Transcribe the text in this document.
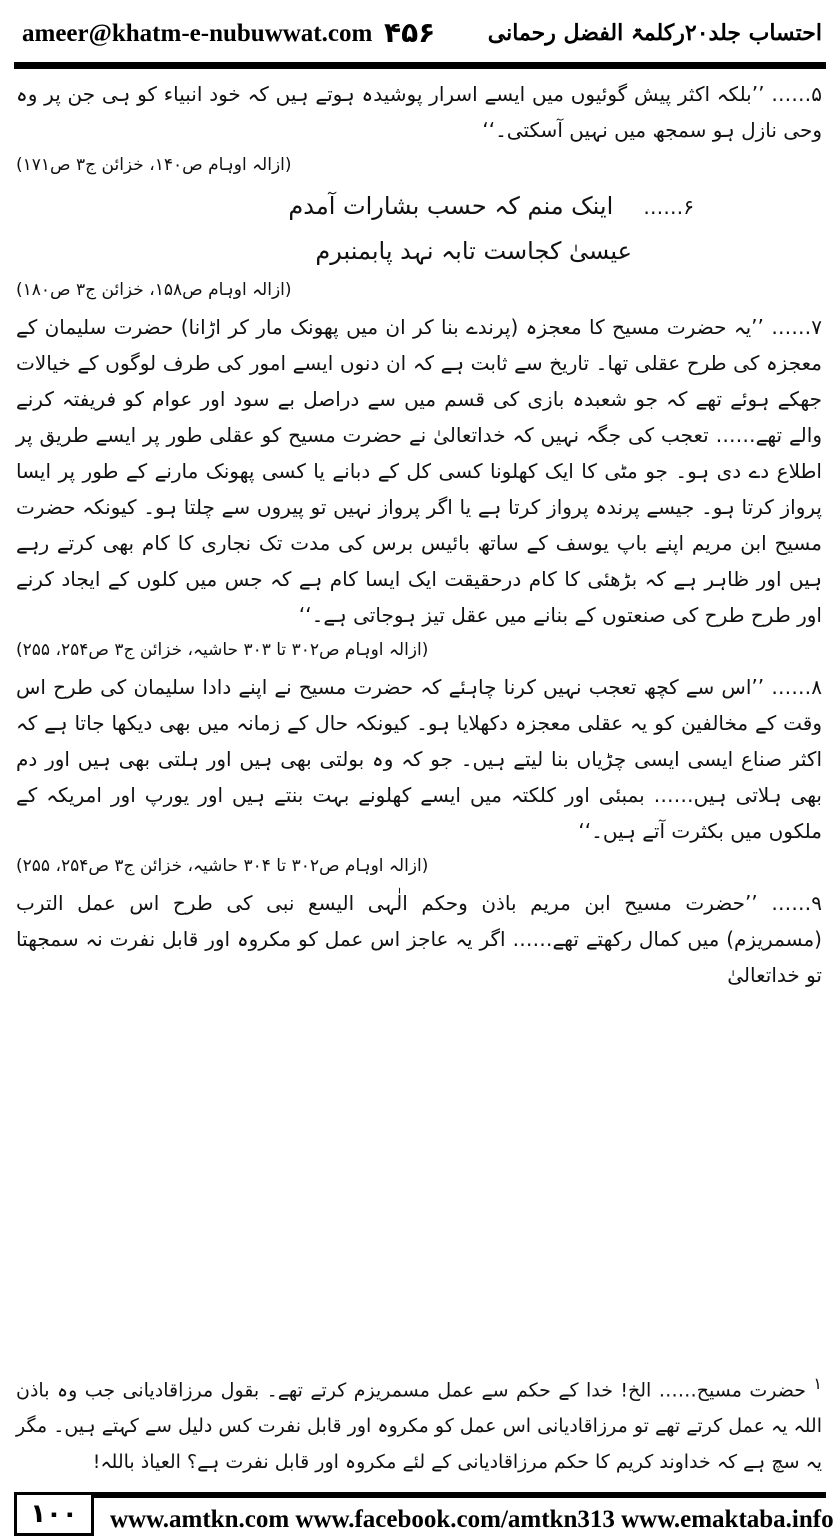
ameer@khatm-e-nubuwwat.com ۴۵۶ احتساب جلد۲۰رکلمۃ الفضل رحمانی

۵…… ’’بلکہ اکثر پیش گوئیوں میں ایسے اسرار پوشیدہ ہوتے ہیں کہ خود انبیاء کو ہی جن پر وہ وحی نازل ہو سمجھ میں نہیں آسکتی۔‘‘

(ازالہ اوہام ص۱۴۰، خزائن ج۳ ص۱۷۱)
۶……اینک منم کہ حسب بشارات آمدم
عیسیٰ کجاست تابہ نہد پابمنبرم
(ازالہ اوہام ص۱۵۸، خزائن ج۳ ص۱۸۰)

۷…… ’’یہ حضرت مسیح کا معجزہ (پرندے بنا کر ان میں پھونک مار کر اڑانا) حضرت سلیمان کے معجزہ کی طرح عقلی تھا۔ تاریخ سے ثابت ہے کہ ان دنوں ایسے امور کی طرف لوگوں کے خیالات جھکے ہوئے تھے کہ جو شعبدہ بازی کی قسم میں سے دراصل بے سود اور عوام کو فریفتہ کرنے والے تھے…… تعجب کی جگہ نہیں کہ خداتعالیٰ نے حضرت مسیح کو عقلی طور پر ایسے طریق پر اطلاع دے دی ہو۔ جو مٹی کا ایک کھلونا کسی کل کے دبانے یا کسی پھونک مارنے کے طور پر ایسا پرواز کرتا ہو۔ جیسے پرندہ پرواز کرتا ہے یا اگر پرواز نہیں تو پیروں سے چلتا ہو۔ کیونکہ حضرت مسیح ابن مریم اپنے باپ یوسف کے ساتھ بائیس برس کی مدت تک نجاری کا کام بھی کرتے رہے ہیں اور ظاہر ہے کہ بڑھئی کا کام درحقیقت ایک ایسا کام ہے کہ جس میں کلوں کے ایجاد کرنے اور طرح طرح کی صنعتوں کے بنانے میں عقل تیز ہوجاتی ہے۔‘‘

(ازالہ اوہام ص۳۰۲ تا ۳۰۳ حاشیہ، خزائن ج۳ ص۲۵۴، ۲۵۵)

۸…… ’’اس سے کچھ تعجب نہیں کرنا چاہئے کہ حضرت مسیح نے اپنے دادا سلیمان کی طرح اس وقت کے مخالفین کو یہ عقلی معجزہ دکھلایا ہو۔ کیونکہ حال کے زمانہ میں بھی دیکھا جاتا ہے کہ اکثر صناع ایسی ایسی چڑیاں بنا لیتے ہیں۔ جو کہ وہ بولتی بھی ہیں اور ہلتی بھی ہیں اور دم بھی ہلاتی ہیں…… بمبئی اور کلکتہ میں ایسے کھلونے بہت بنتے ہیں اور یورپ اور امریکہ کے ملکوں میں بکثرت آتے ہیں۔‘‘

(ازالہ اوہام ص۳۰۲ تا ۳۰۴ حاشیہ، خزائن ج۳ ص۲۵۴، ۲۵۵)

۹…… ’’حضرت مسیح ابن مریم باذن وحکم الٰہی الیسع نبی کی طرح اس عمل الترب (مسمریزم) میں کمال رکھتے تھے…… اگر یہ عاجز اس عمل کو مکروہ اور قابل نفرت نہ سمجھتا تو خداتعالیٰ

$^۱$ حضرت مسیح…… الخ! خدا کے حکم سے عمل مسمریزم کرتے تھے۔ بقول مرزاقادیانی جب وہ باذن اللہ یہ عمل کرتے تھے تو مرزاقادیانی اس عمل کو مکروہ اور قابل نفرت کس دلیل سے کہتے ہیں۔ مگر یہ سچ ہے کہ خداوند کریم کا حکم مرزاقادیانی کے لئے مکروہ اور قابل نفرت ہے؟ العیاذ باللہ!
۱۰۰	www.amtkn.com www.facebook.com/amtkn313 www.emaktaba.info
